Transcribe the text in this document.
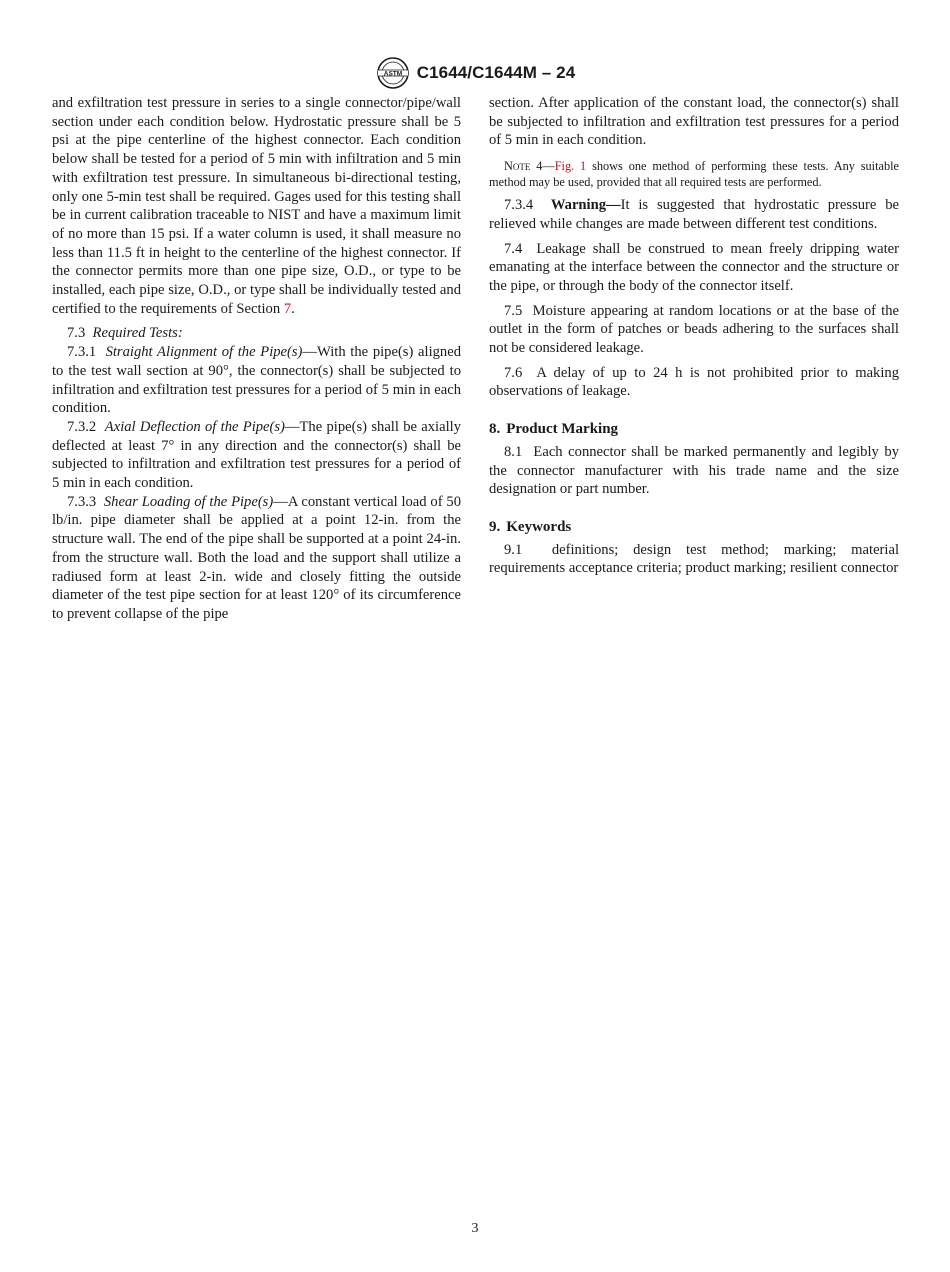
ASTM C1644/C1644M – 24

and exfiltration test pressure in series to a single connector/pipe/wall section under each condition below. Hydrostatic pressure shall be 5 psi at the pipe centerline of the highest connector. Each condition below shall be tested for a period of 5 min with infiltration and 5 min with exfiltration test pressure. In simultaneous bi-directional testing, only one 5-min test shall be required. Gages used for this testing shall be in current calibration traceable to NIST and have a maximum limit of no more than 15 psi. If a water column is used, it shall measure no less than 11.5 ft in height to the centerline of the highest connector. If the connector permits more than one pipe size, O.D., or type to be installed, each pipe size, O.D., or type shall be individually tested and certified to the requirements of Section 7.

7.3 Required Tests:

7.3.1 Straight Alignment of the Pipe(s)—With the pipe(s) aligned to the test wall section at 90°, the connector(s) shall be subjected to infiltration and exfiltration test pressures for a period of 5 min in each condition.

7.3.2 Axial Deflection of the Pipe(s)—The pipe(s) shall be axially deflected at least 7° in any direction and the connector(s) shall be subjected to infiltration and exfiltration test pressures for a period of 5 min in each condition.

7.3.3 Shear Loading of the Pipe(s)—A constant vertical load of 50 lb/in. pipe diameter shall be applied at a point 12-in. from the structure wall. The end of the pipe shall be supported at a point 24-in. from the structure wall. Both the load and the support shall utilize a radiused form at least 2-in. wide and closely fitting the outside diameter of the test pipe section for at least 120° of its circumference to prevent collapse of the pipe

section. After application of the constant load, the connector(s) shall be subjected to infiltration and exfiltration test pressures for a period of 5 min in each condition.

Note 4—Fig. 1 shows one method of performing these tests. Any suitable method may be used, provided that all required tests are performed.

7.3.4 Warning—It is suggested that hydrostatic pressure be relieved while changes are made between different test conditions.

7.4 Leakage shall be construed to mean freely dripping water emanating at the interface between the connector and the structure or the pipe, or through the body of the connector itself.

7.5 Moisture appearing at random locations or at the base of the outlet in the form of patches or beads adhering to the surfaces shall not be considered leakage.

7.6 A delay of up to 24 h is not prohibited prior to making observations of leakage.

8. Product Marking

8.1 Each connector shall be marked permanently and legibly by the connector manufacturer with his trade name and the size designation or part number.

9. Keywords

9.1 definitions; design test method; marking; material requirements acceptance criteria; product marking; resilient connector

3
